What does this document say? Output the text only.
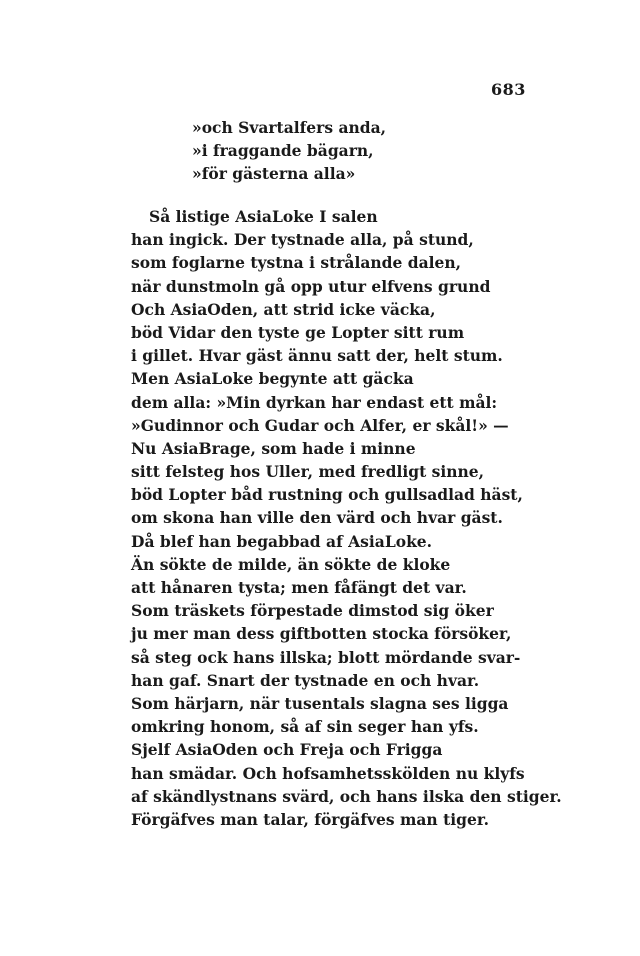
683
»och Svartalfers anda,
»i fraggande bägarn,
»för gästerna alla»
Så listige AsiaLoke I salen
han ingick. Der tystnade alla, på stund,
som foglarne tystna i strålande dalen,
när dunstmoln gå opp utur elfvens grund
Och AsiaOden, att strid icke väcka,
böd Vidar den tyste ge Lopter sitt rum
i gillet. Hvar gäst ännu satt der, helt stum.
Men AsiaLoke begynte att gäcka
dem alla: »Min dyrkan har endast ett mål:
»Gudinnor och Gudar och Alfer, er skål!» —
Nu AsiaBrage, som hade i minne
sitt felsteg hos Uller, med fredligt sinne,
böd Lopter båd rustning och gullsadlad häst,
om skona han ville den värd och hvar gäst.
Då blef han begabbad af AsiaLoke.
Än sökte de milde, än sökte de kloke
att hånaren tysta; men fåfängt det var.
Som träskets förpestade dimstod sig öker
ju mer man dess giftbotten stocka försöker,
så steg ock hans illska; blott mördande svar-
han gaf. Snart der tystnade en och hvar.
Som härjarn, när tusentals slagna ses ligga
omkring honom, så af sin seger han yfs.
Sjelf AsiaOden och Freja och Frigga
han smädar. Och hofsamhetsskölden nu klyfs
af skändlystnans svärd, och hans ilska den stiger.
Förgäfves man talar, förgäfves man tiger.
